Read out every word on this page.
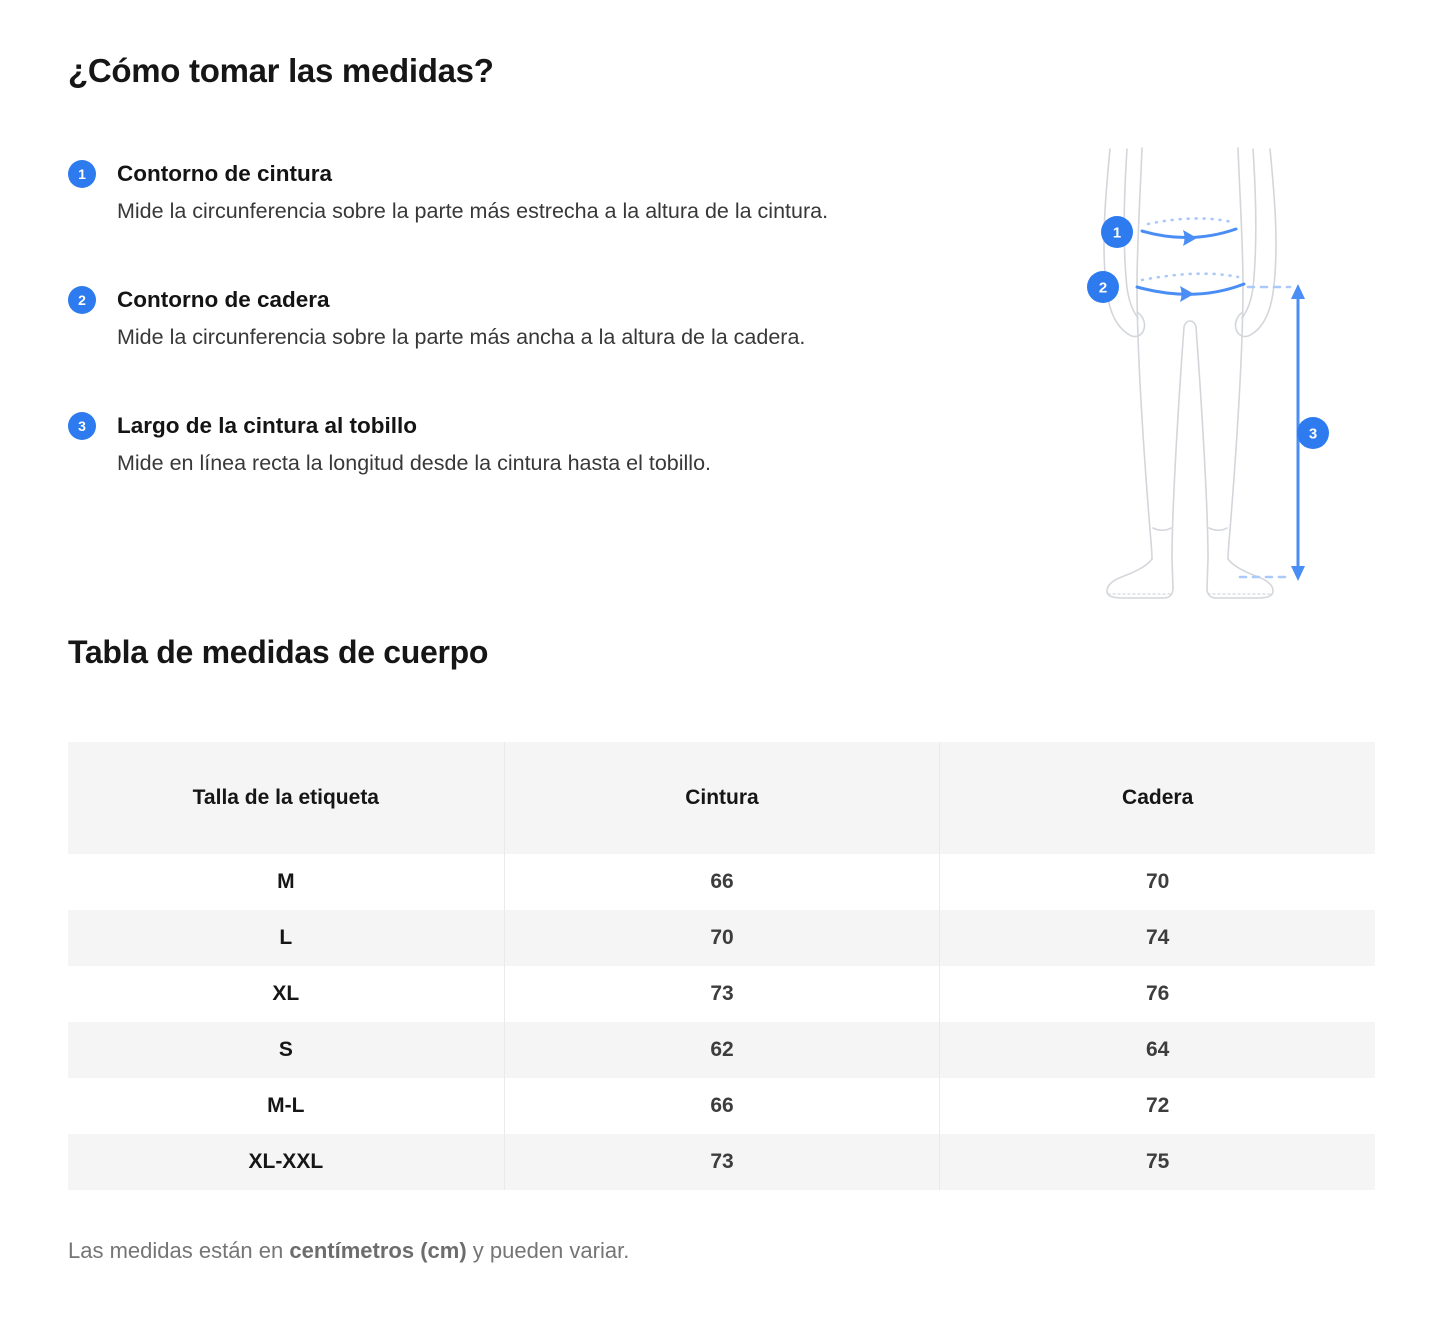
¿Cómo tomar las medidas?
1	Contorno de cintura

Mide la circunferencia sobre la parte más estrecha a la altura de la cintura.

2	Contorno de cadera

Mide la circunferencia sobre la parte más ancha a la altura de la cadera.

3	Largo de la cintura al tobillo

Mide en línea recta la longitud desde la cintura hasta el tobillo.

1
2
3
Tabla de medidas de cuerpo
Talla de la etiqueta	Cintura	Cadera
M	66	70
L	70	74
XL	73	76
S	62	64
M-L	66	72
XL-XXL	73	75

Las medidas están en centímetros (cm) y pueden variar.
